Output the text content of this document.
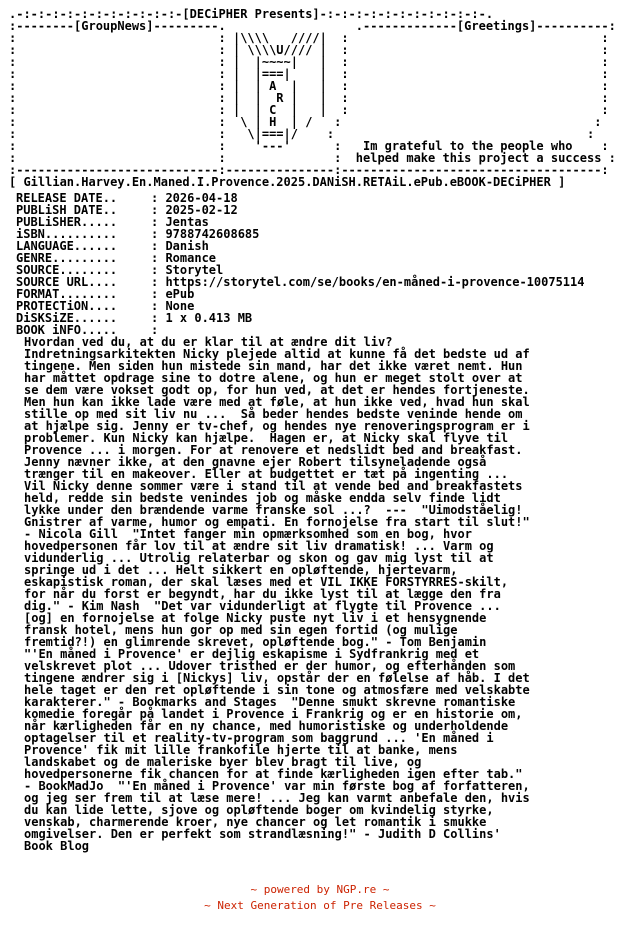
.-:-:-:-:-:-:-:-:-:-:-:-[DECiPHER Presents]-:-:-:-:-:-:-:-:-:-:-:-.
:--------[GroupNews]---------.                  .-------------[Greetings]----------:
:                            : |\\\\   ////|  :                                   :
:                            : | \\\\U//// |  :                                   :
:                            : |  |~~~~|   |  :                                   :
:                            : |  |===|    |  :                                   :
:                            : |  | A  |   |  :                                   :
:                            : |  |  R |   |  :                                   :
:                            : |  | C  |   |  :                                   :
:                            :  \ | H  | /   :                                   :
:                            :   \|===|/    :                                   :
:                            :    '---'      :   Im grateful to the people who    :
:                            :               :  helped make this project a success :
:----------------------------:---------------:------------------------------------:
[ Gillian.Harvey.En.Maned.I.Provence.2025.DANiSH.RETAiL.ePub.eBOOK-DECiPHER ]
RELEASE DATE..	: 2026-04-18
PUBLiSH DATE..	: 2025-02-12
PUBLiSHER.....	: Jentas
iSBN..........	: 9788742608685
LANGUAGE......	: Danish
GENRE.........	: Romance
SOURCE........	: Storytel
SOURCE URL....	: https://storytel.com/se/books/en-måned-i-provence-10075114
FORMAT........	: ePub
PROTECTiON....	: None
DiSKSiZE......	: 1 x 0.413 MB
BOOK iNFO.....	:
Hvordan ved du, at du er klar til at ændre dit liv?
Indretningsarkitekten Nicky plejede altid at kunne få det bedste ud af
tingene. Men siden hun mistede sin mand, har det ikke været nemt. Hun
har måttet opdrage sine to dotre alene, og hun er meget stolt over at
se dem være vokset godt op, for hun ved, at det er hendes fortjeneste.
Men hun kan ikke lade være med at føle, at hun ikke ved, hvad hun skal
stille op med sit liv nu ...  Så beder hendes bedste veninde hende om
at hjælpe sig. Jenny er tv-chef, og hendes nye renoveringsprogram er i
problemer. Kun Nicky kan hjælpe.  Hagen er, at Nicky skal flyve til
Provence ... i morgen. For at renovere et nedslidt bed and breakfast.
Jenny nævner ikke, at den gnavne ejer Robert tilsyneladende også
trænger til en makeover. Eller at budgettet er tæt på ingenting ...
Vil Nicky denne sommer være i stand til at vende bed and breakfastets
held, redde sin bedste venindes job og måske endda selv finde lidt
lykke under den brændende varme franske sol ...?  ---  "Uimodståelig!
Gnistrer af varme, humor og empati. En fornojelse fra start til slut!"
- Nicola Gill  "Intet fanger min opmærksomhed som en bog, hvor
hovedpersonen får lov til at ændre sit liv dramatisk! ... Varm og
vidunderlig ... Utrolig relaterbar og skon og gav mig lyst til at
springe ud i det ... Helt sikkert en opløftende, hjertevarm,
eskapistisk roman, der skal læses med et VIL IKKE FORSTYRRES-skilt,
for når du forst er begyndt, har du ikke lyst til at lægge den fra
dig." - Kim Nash  "Det var vidunderligt at flygte til Provence ...
[og] en fornojelse at folge Nicky puste nyt liv i et hensygnende
fransk hotel, mens hun gor op med sin egen fortid (og mulige
fremtid?!) en glimrende skrevet, opløftende bog." - Tom Benjamin
"'En måned i Provence' er dejlig eskapisme i Sydfrankrig med et
velskrevet plot ... Udover tristhed er der humor, og efterhånden som
tingene ændrer sig i [Nickys] liv, opstår der en følelse af håb. I det
hele taget er den ret opløftende i sin tone og atmosfære med velskabte
karakterer." - Bookmarks and Stages  "Denne smukt skrevne romantiske
komedie foregår på landet i Provence i Frankrig og er en historie om,
når kærligheden får en ny chance, med humoristiske og underholdende
optagelser til et reality-tv-program som baggrund ... 'En måned i
Provence' fik mit lille frankofile hjerte til at banke, mens
landskabet og de maleriske byer blev bragt til live, og
hovedpersonerne fik chancen for at finde kærligheden igen efter tab."
- BookMadJo  "'En måned i Provence' var min første bog af forfatteren,
og jeg ser frem til at læse mere! ... Jeg kan varmt anbefale den, hvis
du kan lide lette, sjove og opløftende boger om kvindelig styrke,
venskab, charmerende kroer, nye chancer og let romantik i smukke
omgivelser. Den er perfekt som strandlæsning!" - Judith D Collins'
Book Blog
~ powered by NGP.re ~
~ Next Generation of Pre Releases ~
